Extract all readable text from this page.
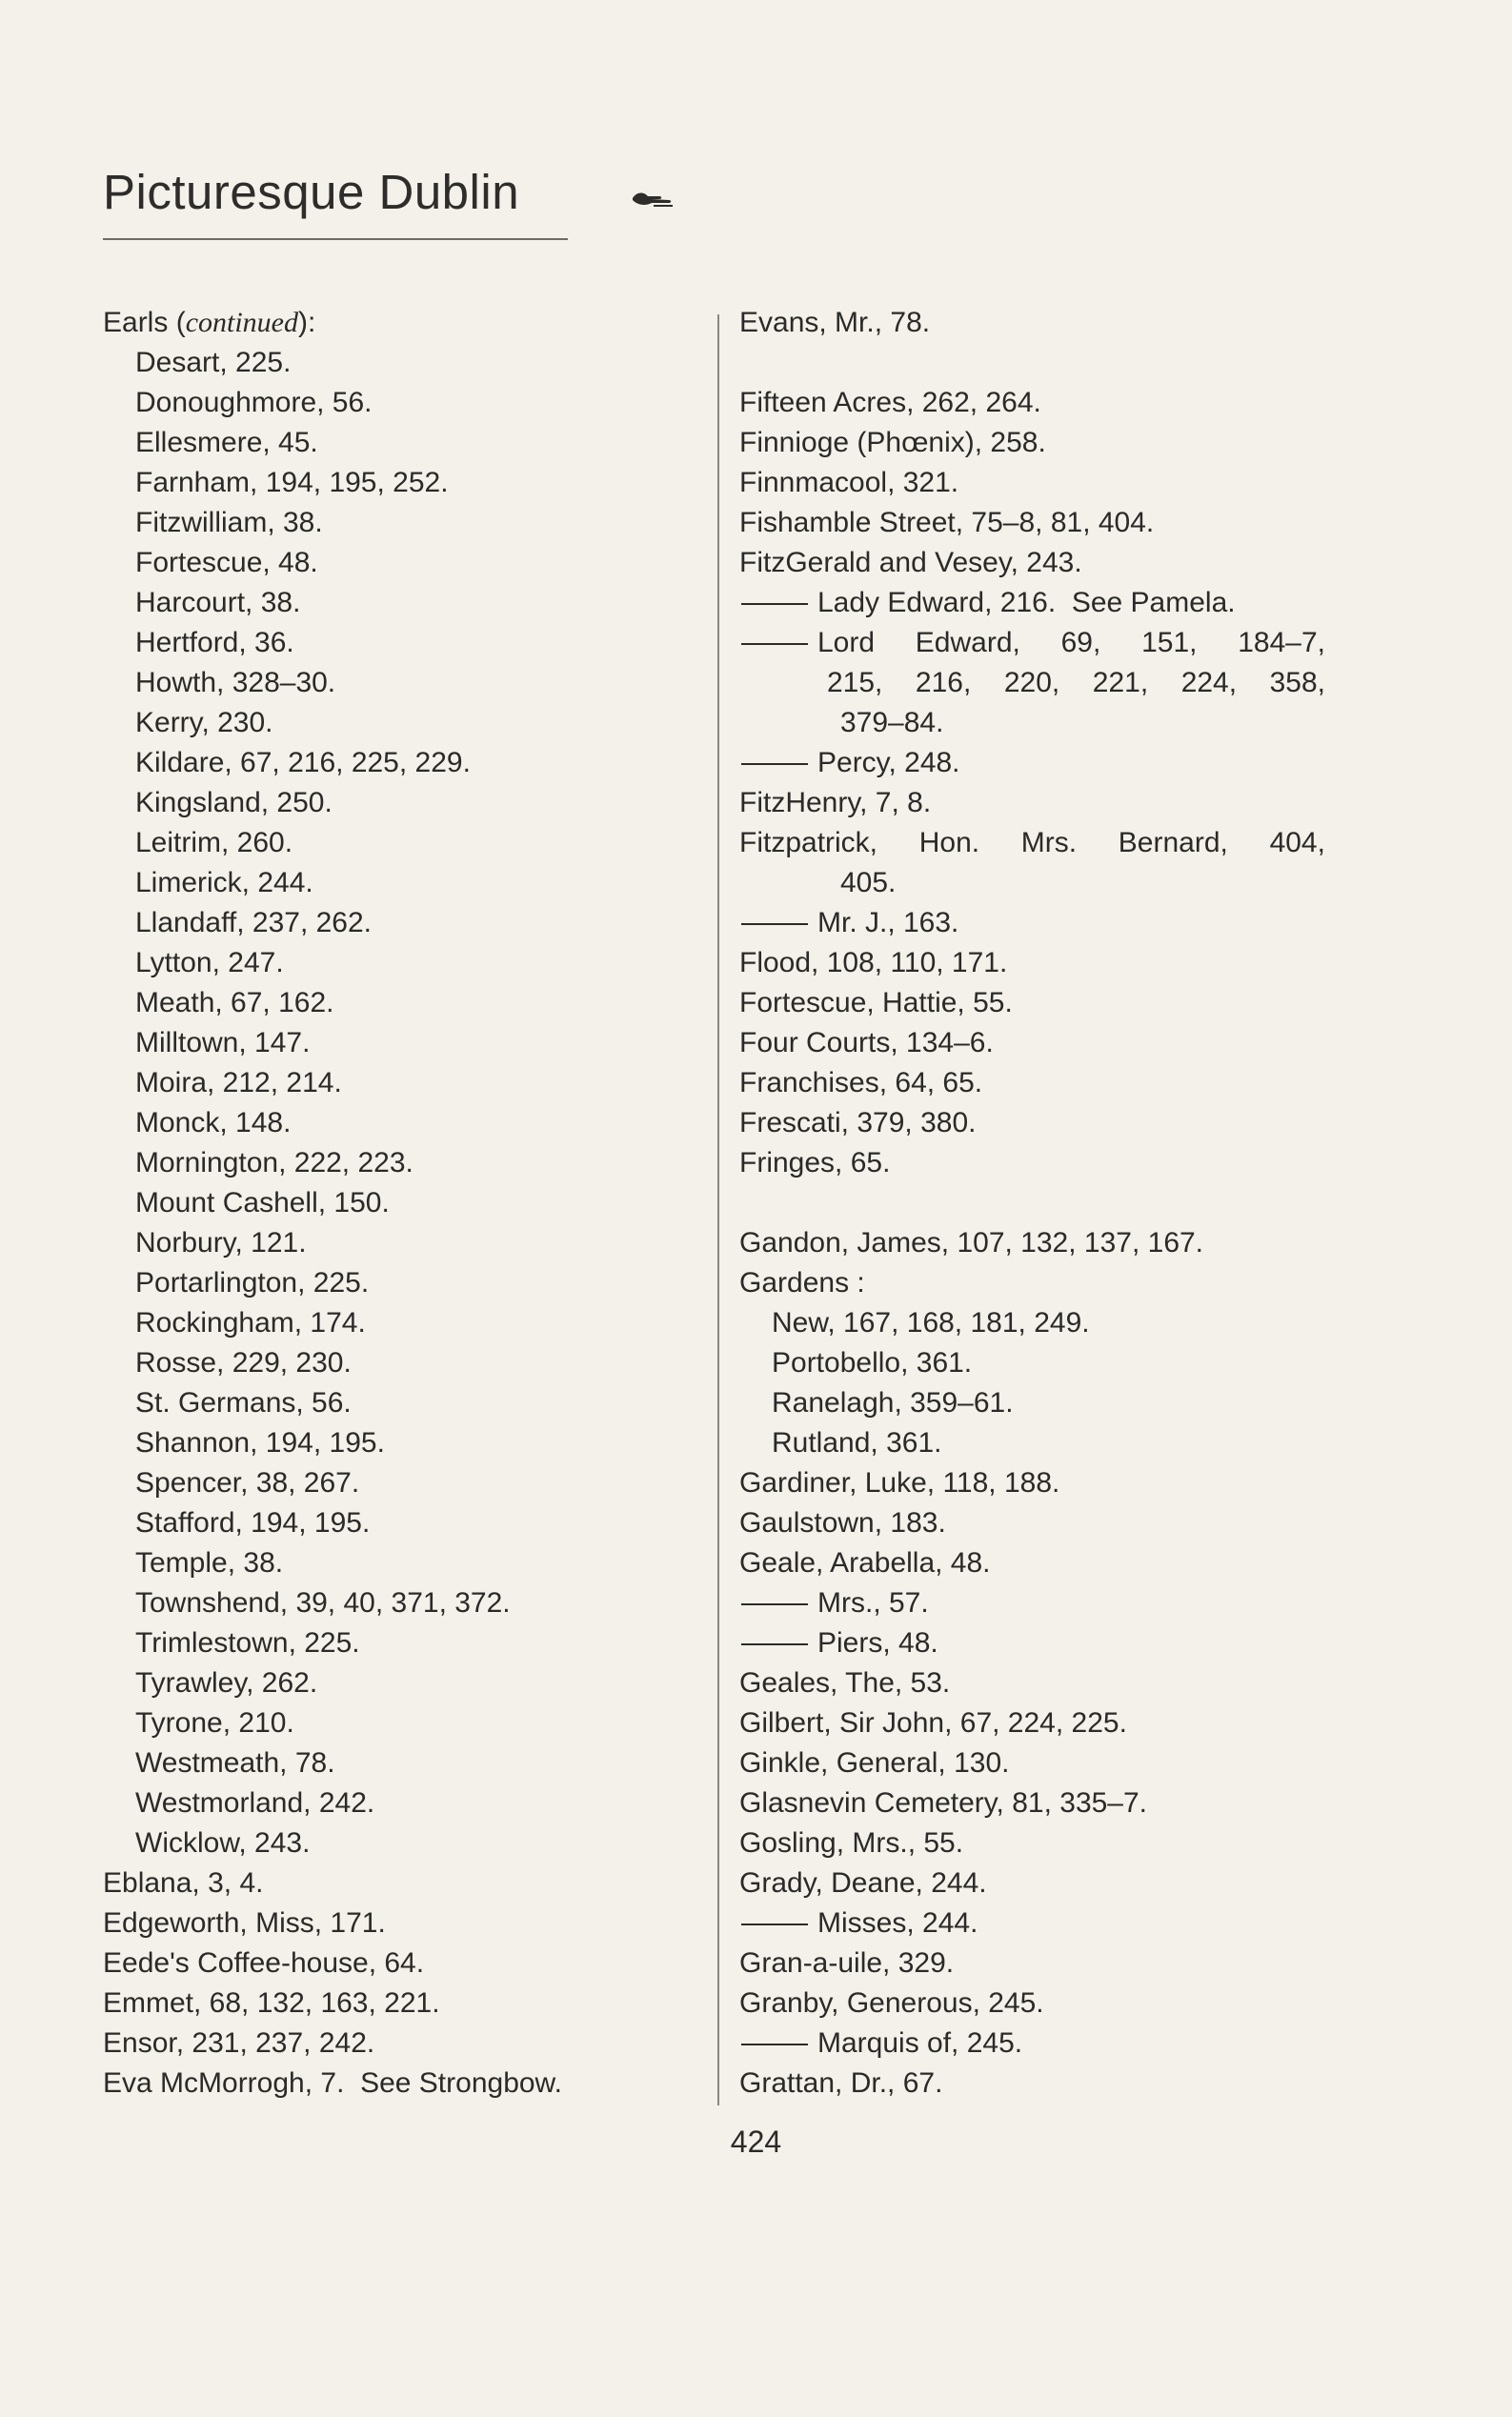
Picturesque Dublin
Earls (continued):
Desart, 225.
Donoughmore, 56.
Ellesmere, 45.
Farnham, 194, 195, 252.
Fitzwilliam, 38.
Fortescue, 48.
Harcourt, 38.
Hertford, 36.
Howth, 328–30.
Kerry, 230.
Kildare, 67, 216, 225, 229.
Kingsland, 250.
Leitrim, 260.
Limerick, 244.
Llandaff, 237, 262.
Lytton, 247.
Meath, 67, 162.
Milltown, 147.
Moira, 212, 214.
Monck, 148.
Mornington, 222, 223.
Mount Cashell, 150.
Norbury, 121.
Portarlington, 225.
Rockingham, 174.
Rosse, 229, 230.
St. Germans, 56.
Shannon, 194, 195.
Spencer, 38, 267.
Stafford, 194, 195.
Temple, 38.
Townshend, 39, 40, 371, 372.
Trimlestown, 225.
Tyrawley, 262.
Tyrone, 210.
Westmeath, 78.
Westmorland, 242.
Wicklow, 243.
Eblana, 3, 4.
Edgeworth, Miss, 171.
Eede's Coffee-house, 64.
Emmet, 68, 132, 163, 221.
Ensor, 231, 237, 242.
Eva McMorrogh, 7.  See Strongbow.
Evans, Mr., 78.
Fifteen Acres, 262, 264.
Finnioge (Phœnix), 258.
Finnmacool, 321.
Fishamble Street, 75–8, 81, 404.
FitzGerald and Vesey, 243.
Lady Edward, 216.  See Pamela.
Lord Edward, 69, 151, 184–7,
215, 216, 220, 221, 224, 358,
379–84.
Percy, 248.
FitzHenry, 7, 8.
Fitzpatrick, Hon. Mrs. Bernard, 404,
405.
Mr. J., 163.
Flood, 108, 110, 171.
Fortescue, Hattie, 55.
Four Courts, 134–6.
Franchises, 64, 65.
Frescati, 379, 380.
Fringes, 65.
Gandon, James, 107, 132, 137, 167.
Gardens :
New, 167, 168, 181, 249.
Portobello, 361.
Ranelagh, 359–61.
Rutland, 361.
Gardiner, Luke, 118, 188.
Gaulstown, 183.
Geale, Arabella, 48.
Mrs., 57.
Piers, 48.
Geales, The, 53.
Gilbert, Sir John, 67, 224, 225.
Ginkle, General, 130.
Glasnevin Cemetery, 81, 335–7.
Gosling, Mrs., 55.
Grady, Deane, 244.
Misses, 244.
Gran-a-uile, 329.
Granby, Generous, 245.
Marquis of, 245.
Grattan, Dr., 67.
424
